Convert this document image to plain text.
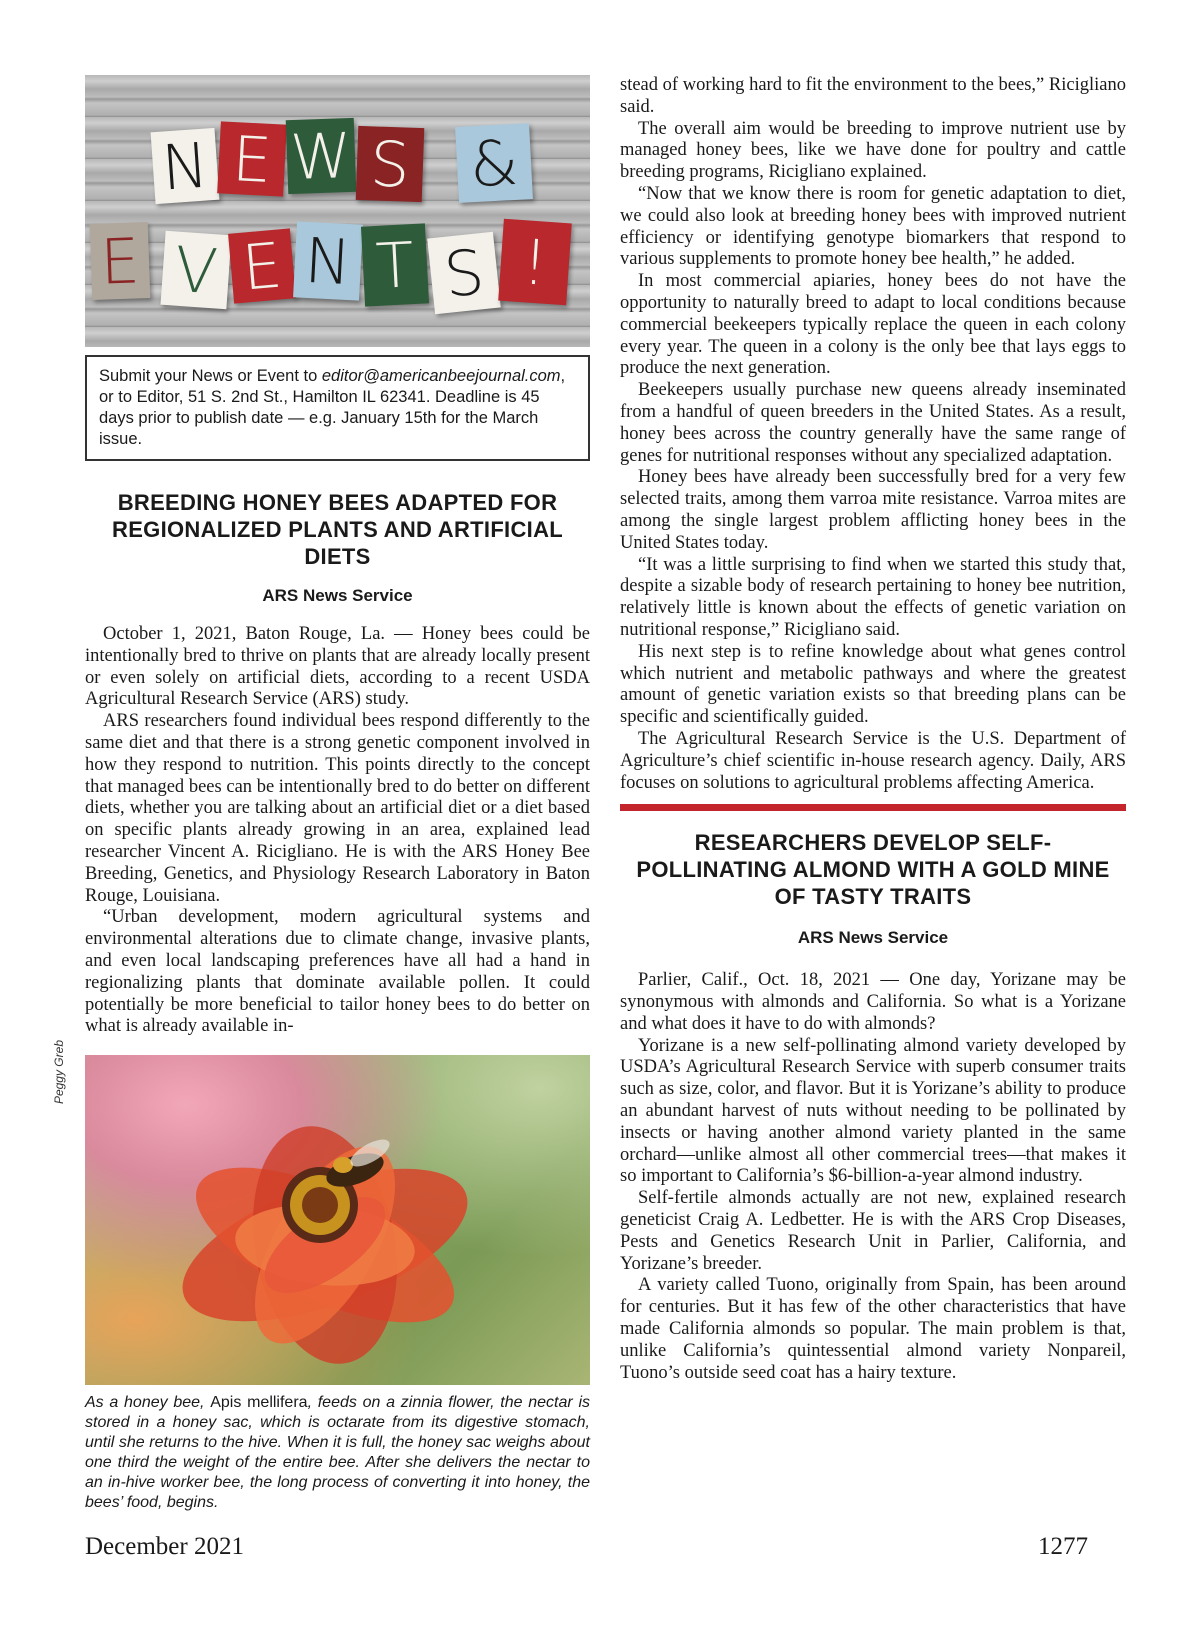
N E W S &
E V E N T S !
Submit your News or Event to editor@americanbeejournal.com, or to Editor, 51 S. 2nd St., Hamilton IL 62341. Deadline is 45 days prior to publish date — e.g. January 15th for the March issue.
BREEDING HONEY BEES ADAPTED FOR REGIONALIZED PLANTS AND ARTIFICIAL DIETS

ARS News Service

October 1, 2021, Baton Rouge, La. — Honey bees could be intentionally bred to thrive on plants that are already locally present or even solely on artificial diets, according to a recent USDA Agricultural Research Service (ARS) study.

ARS researchers found individual bees respond differently to the same diet and that there is a strong genetic component involved in how they respond to nutrition. This points directly to the concept that managed bees can be intentionally bred to do better on different diets, whether you are talking about an artificial diet or a diet based on specific plants already growing in an area, explained lead researcher Vincent A. Ricigliano. He is with the ARS Honey Bee Breeding, Genetics, and Physiology Research Laboratory in Baton Rouge, Louisiana.

“Urban development, modern agricultural systems and environmental alterations due to climate change, invasive plants, and even local landscaping preferences have all had a hand in regionalizing plants that dominate available pollen. It could potentially be more beneficial to tailor honey bees to do better on what is already available in-

As a honey bee, Apis mellifera, feeds on a zinnia flower, the nectar is stored in a honey sac, which is octarate from its digestive stomach, until she returns to the hive. When it is full, the honey sac weighs about one third the weight of the entire bee. After she delivers the nectar to an in-hive worker bee, the long process of converting it into honey, the bees’ food, begins.
Peggy Greb

stead of working hard to fit the environment to the bees,” Ricigliano said.

The overall aim would be breeding to improve nutrient use by managed honey bees, like we have done for poultry and cattle breeding programs, Ricigliano explained.

“Now that we know there is room for genetic adaptation to diet, we could also look at breeding honey bees with improved nutrient efficiency or identifying genotype biomarkers that respond to various supplements to promote honey bee health,” he added.

In most commercial apiaries, honey bees do not have the opportunity to naturally breed to adapt to local conditions because commercial beekeepers typically replace the queen in each colony every year. The queen in a colony is the only bee that lays eggs to produce the next generation.

Beekeepers usually purchase new queens already inseminated from a handful of queen breeders in the United States. As a result, honey bees across the country generally have the same range of genes for nutritional responses without any specialized adaptation.

Honey bees have already been successfully bred for a very few selected traits, among them varroa mite resistance. Varroa mites are among the single largest problem afflicting honey bees in the United States today.

“It was a little surprising to find when we started this study that, despite a sizable body of research pertaining to honey bee nutrition, relatively little is known about the effects of genetic variation on nutritional response,” Ricigliano said.

His next step is to refine knowledge about what genes control which nutrient and metabolic pathways and where the greatest amount of genetic variation exists so that breeding plans can be specific and scientifically guided.

The Agricultural Research Service is the U.S. Department of Agriculture’s chief scientific in-house research agency. Daily, ARS focuses on solutions to agricultural problems affecting America.

RESEARCHERS DEVELOP SELF-POLLINATING ALMOND WITH A GOLD MINE OF TASTY TRAITS

ARS News Service

Parlier, Calif., Oct. 18, 2021 — One day, Yorizane may be synonymous with almonds and California. So what is a Yorizane and what does it have to do with almonds?

Yorizane is a new self-pollinating almond variety developed by USDA’s Agricultural Research Service with superb consumer traits such as size, color, and flavor. But it is Yorizane’s ability to produce an abundant harvest of nuts without needing to be pollinated by insects or having another almond variety planted in the same orchard—unlike almost all other commercial trees—that makes it so important to California’s $6-billion-a-year almond industry.

Self-fertile almonds actually are not new, explained research geneticist Craig A. Ledbetter. He is with the ARS Crop Diseases, Pests and Genetics Research Unit in Parlier, California, and Yorizane’s breeder.

A variety called Tuono, originally from Spain, has been around for centuries. But it has few of the other characteristics that have made California almonds so popular. The main problem is that, unlike California’s quintessential almond variety Nonpareil, Tuono’s outside seed coat has a hairy texture.

December 2021	1277
